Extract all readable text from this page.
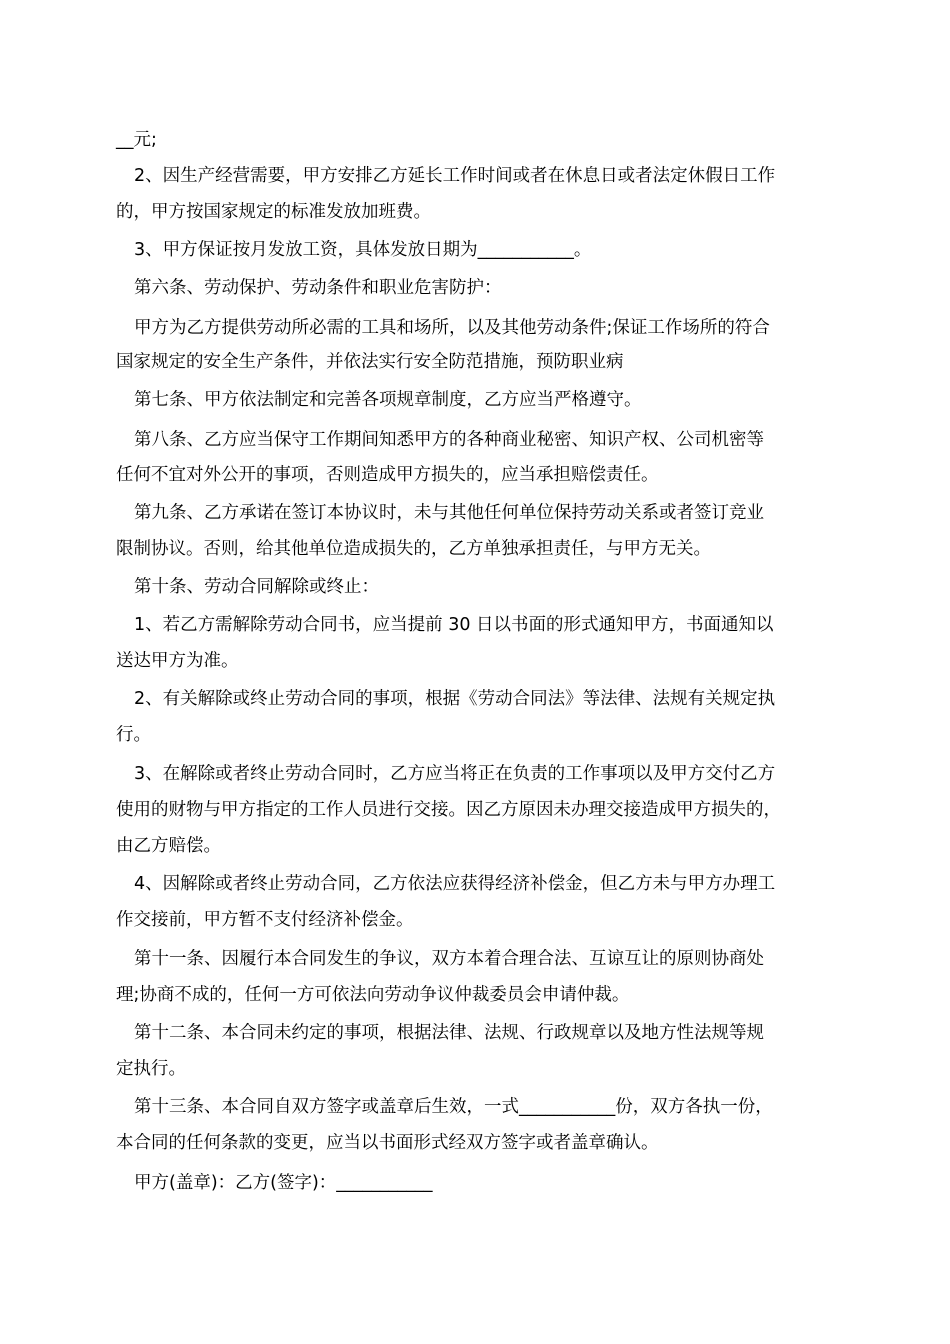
__元;
2、因生产经营需要，甲方安排乙方延长工作时间或者在休息日或者法定休假日工作
的，甲方按国家规定的标准发放加班费。
3、甲方保证按月发放工资，具体发放日期为___________。
第六条、劳动保护、劳动条件和职业危害防护：
甲方为乙方提供劳动所必需的工具和场所，以及其他劳动条件;保证工作场所的符合
国家规定的安全生产条件，并依法实行安全防范措施，预防职业病
第七条、甲方依法制定和完善各项规章制度，乙方应当严格遵守。
第八条、乙方应当保守工作期间知悉甲方的各种商业秘密、知识产权、公司机密等
任何不宜对外公开的事项，否则造成甲方损失的，应当承担赔偿责任。
第九条、乙方承诺在签订本协议时，未与其他任何单位保持劳动关系或者签订竞业
限制协议。否则，给其他单位造成损失的，乙方单独承担责任，与甲方无关。
第十条、劳动合同解除或终止：
1、若乙方需解除劳动合同书，应当提前 30 日以书面的形式通知甲方，书面通知以
送达甲方为准。
2、有关解除或终止劳动合同的事项，根据《劳动合同法》等法律、法规有关规定执
行。
3、在解除或者终止劳动合同时，乙方应当将正在负责的工作事项以及甲方交付乙方
使用的财物与甲方指定的工作人员进行交接。因乙方原因未办理交接造成甲方损失的，
由乙方赔偿。
4、因解除或者终止劳动合同，乙方依法应获得经济补偿金，但乙方未与甲方办理工
作交接前，甲方暂不支付经济补偿金。
第十一条、因履行本合同发生的争议，双方本着合理合法、互谅互让的原则协商处
理;协商不成的，任何一方可依法向劳动争议仲裁委员会申请仲裁。
第十二条、本合同未约定的事项，根据法律、法规、行政规章以及地方性法规等规
定执行。
第十三条、本合同自双方签字或盖章后生效，一式___________份，双方各执一份，
本合同的任何条款的变更，应当以书面形式经双方签字或者盖章确认。
甲方(盖章)：乙方(签字)：___________
